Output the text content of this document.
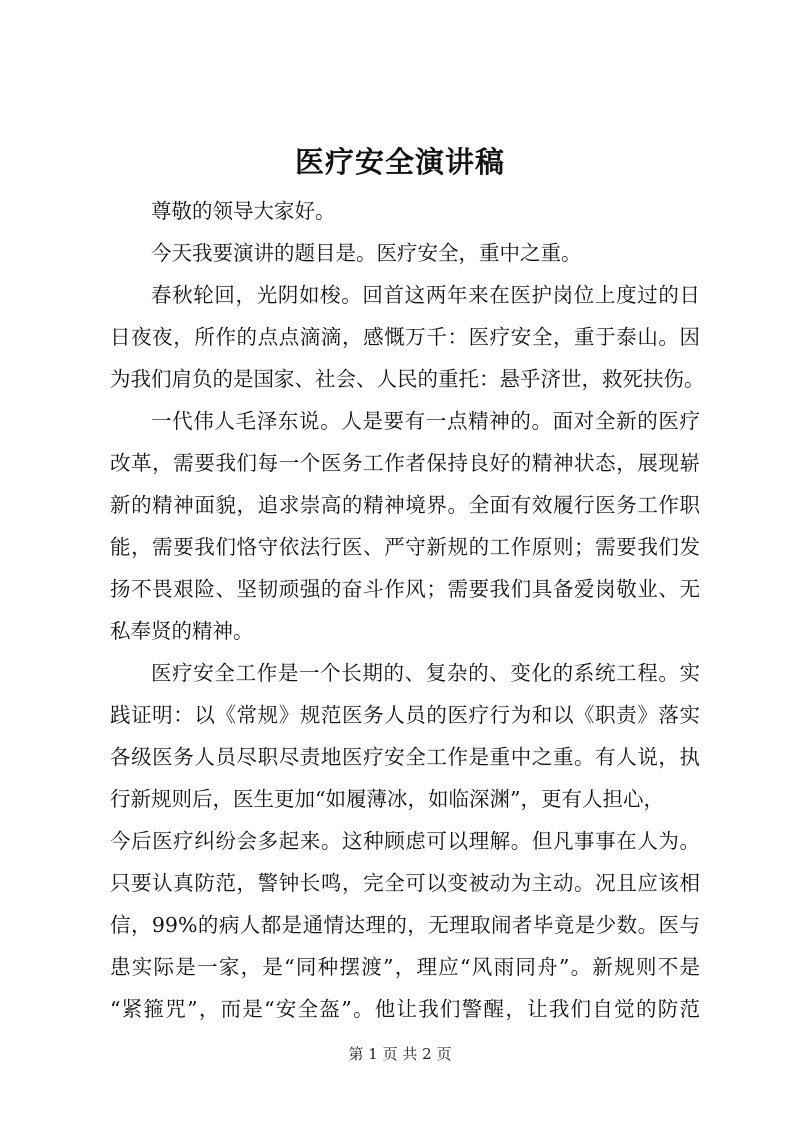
医疗安全演讲稿
尊敬的领导大家好。
今天我要演讲的题目是。医疗安全，重中之重。
春秋轮回，光阴如梭。回首这两年来在医护岗位上度过的日
日夜夜，所作的点点滴滴，感慨万千：医疗安全，重于泰山。因
为我们肩负的是国家、社会、人民的重托：悬乎济世，救死扶伤。
一代伟人毛泽东说。人是要有一点精神的。面对全新的医疗
改革，需要我们每一个医务工作者保持良好的精神状态，展现崭
新的精神面貌，追求崇高的精神境界。全面有效履行医务工作职
能，需要我们恪守依法行医、严守新规的工作原则；需要我们发
扬不畏艰险、坚韧顽强的奋斗作风；需要我们具备爱岗敬业、无
私奉贤的精神。
医疗安全工作是一个长期的、复杂的、变化的系统工程。实
践证明：以《常规》规范医务人员的医疗行为和以《职责》落实
各级医务人员尽职尽责地医疗安全工作是重中之重。有人说，执
行新规则后，医生更加“如履薄冰，如临深渊”，更有人担心，
今后医疗纠纷会多起来。这种顾虑可以理解。但凡事事在人为。
只要认真防范，警钟长鸣，完全可以变被动为主动。况且应该相
信，99%的病人都是通情达理的，无理取闹者毕竟是少数。医与
患实际是一家，是“同种摆渡”，理应“风雨同舟”。新规则不是
“紧箍咒”，而是“安全盔”。他让我们警醒，让我们自觉的防范

第 1 页 共 2 页
